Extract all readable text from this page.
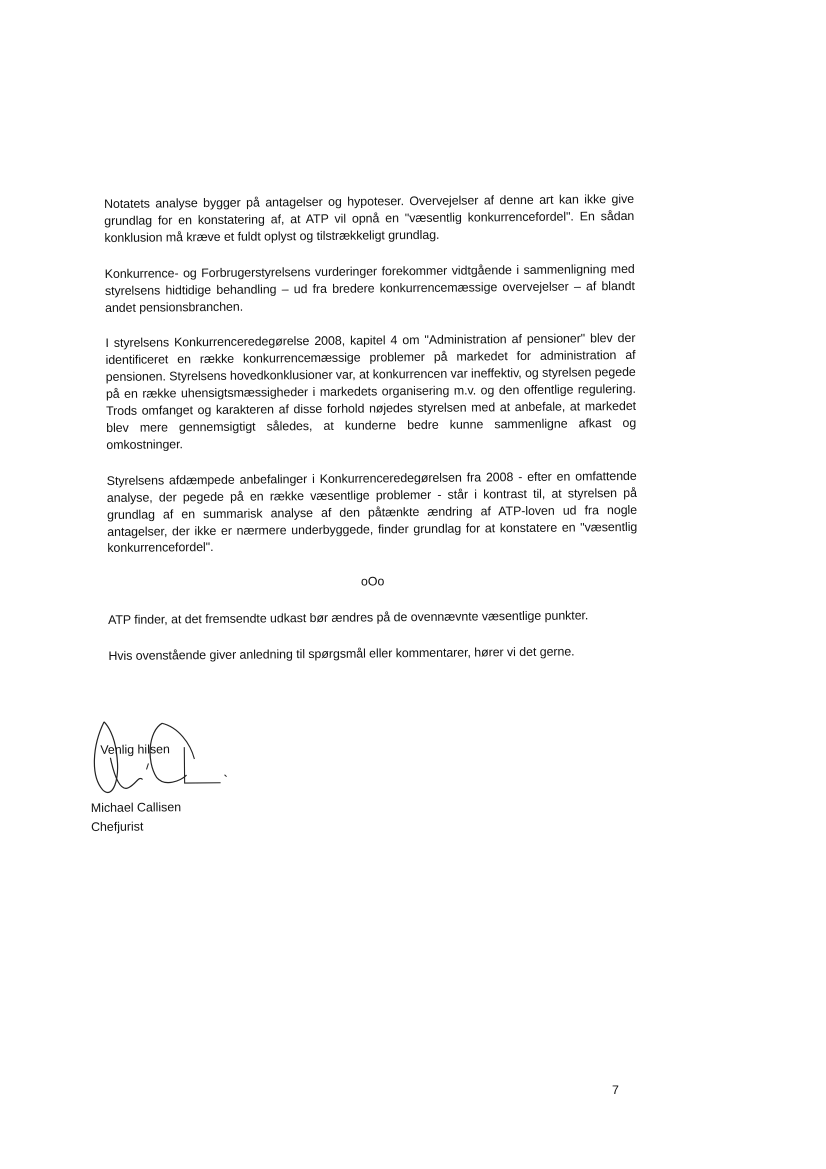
Notatets analyse bygger på antagelser og hypoteser. Overvejelser af denne art kan ikke give grundlag for en konstatering af, at ATP vil opnå en "væsentlig konkurrencefordel". En sådan konklusion må kræve et fuldt oplyst og tilstrækkeligt grundlag.

Konkurrence- og Forbrugerstyrelsens vurderinger forekommer vidtgående i sammenligning med styrelsens hidtidige behandling – ud fra bredere konkurrencemæssige overvejelser – af blandt andet pensionsbranchen.

I styrelsens Konkurrenceredegørelse 2008, kapitel 4 om "Administration af pensioner" blev der identificeret en række konkurrencemæssige problemer på markedet for administration af pensionen. Styrelsens hovedkonklusioner var, at konkurrencen var ineffektiv, og styrelsen pegede på en række uhensigtsmæssigheder i markedets organisering m.v. og den offentlige regulering. Trods omfanget og karakteren af disse forhold nøjedes styrelsen med at anbefale, at markedet blev mere gennemsigtigt således, at kunderne bedre kunne sammenligne afkast og omkostninger.

Styrelsens afdæmpede anbefalinger i Konkurrenceredegørelsen fra 2008 - efter en omfattende analyse, der pegede på en række væsentlige problemer - står i kontrast til, at styrelsen på grundlag af en summarisk analyse af den påtænkte ændring af ATP-loven ud fra nogle antagelser, der ikke er nærmere underbyggede, finder grundlag for at konstatere en "væsentlig konkurrencefordel".

oOo

ATP finder, at det fremsendte udkast bør ændres på de ovennævnte væsentlige punkter.

Hvis ovenstående giver anledning til spørgsmål eller kommentarer, hører vi det gerne.

Venlig hilsen
Michael Callisen
Chefjurist
7
